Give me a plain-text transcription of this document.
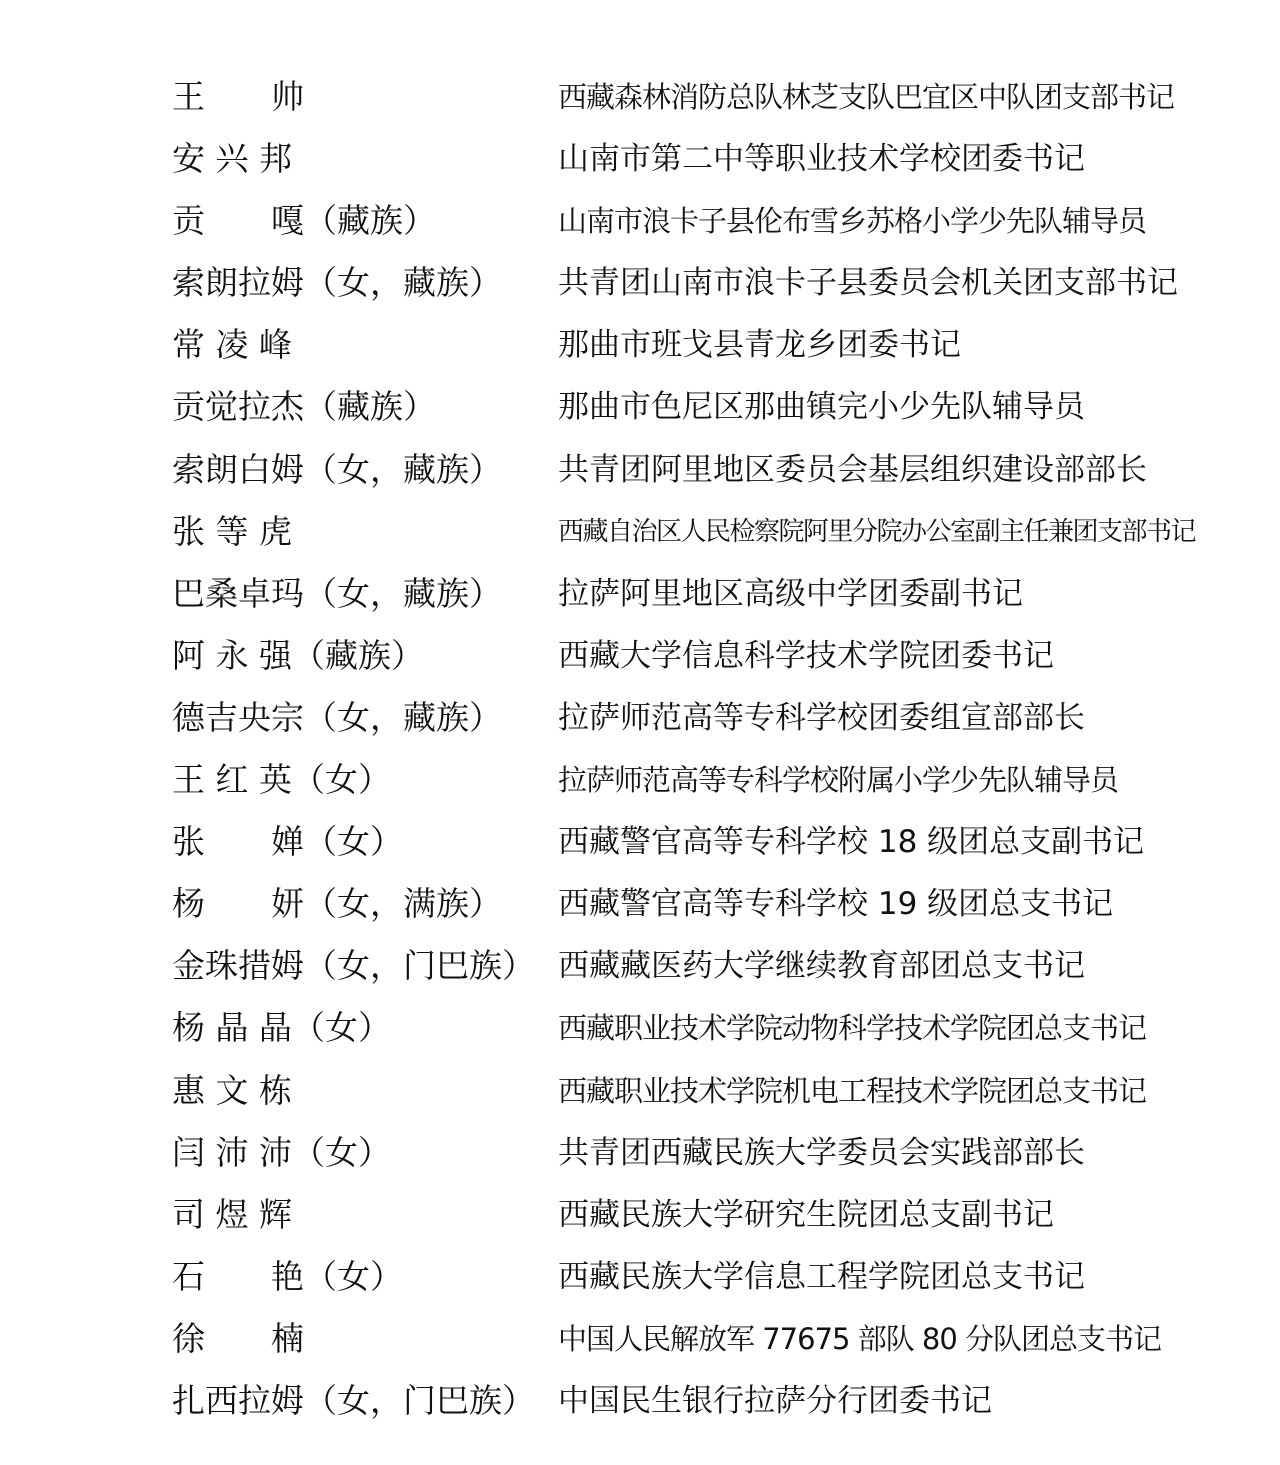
王　　帅	西藏森林消防总队林芝支队巴宜区中队团支部书记
安 兴 邦	山南市第二中等职业技术学校团委书记
贡　　嘎（藏族）	山南市浪卡子县伦布雪乡苏格小学少先队辅导员
索朗拉姆（女，藏族）	共青团山南市浪卡子县委员会机关团支部书记
常 凌 峰	那曲市班戈县青龙乡团委书记
贡觉拉杰（藏族）	那曲市色尼区那曲镇完小少先队辅导员
索朗白姆（女，藏族）	共青团阿里地区委员会基层组织建设部部长
张 等 虎	西藏自治区人民检察院阿里分院办公室副主任兼团支部书记
巴桑卓玛（女，藏族）	拉萨阿里地区高级中学团委副书记
阿 永 强（藏族）	西藏大学信息科学技术学院团委书记
德吉央宗（女，藏族）	拉萨师范高等专科学校团委组宣部部长
王 红 英（女）	拉萨师范高等专科学校附属小学少先队辅导员
张　　婵（女）	西藏警官高等专科学校 18 级团总支副书记
杨　　妍（女，满族）	西藏警官高等专科学校 19 级团总支书记
金珠措姆（女，门巴族） 西藏藏医药大学继续教育部团总支书记
杨 晶 晶（女）	西藏职业技术学院动物科学技术学院团总支书记
惠 文 栋	西藏职业技术学院机电工程技术学院团总支书记
闫 沛 沛（女）	共青团西藏民族大学委员会实践部部长
司 煜 辉	西藏民族大学研究生院团总支副书记
石　　艳（女）	西藏民族大学信息工程学院团总支书记
徐　　楠	中国人民解放军 77675 部队 80 分队团总支书记
扎西拉姆（女，门巴族） 中国民生银行拉萨分行团委书记
